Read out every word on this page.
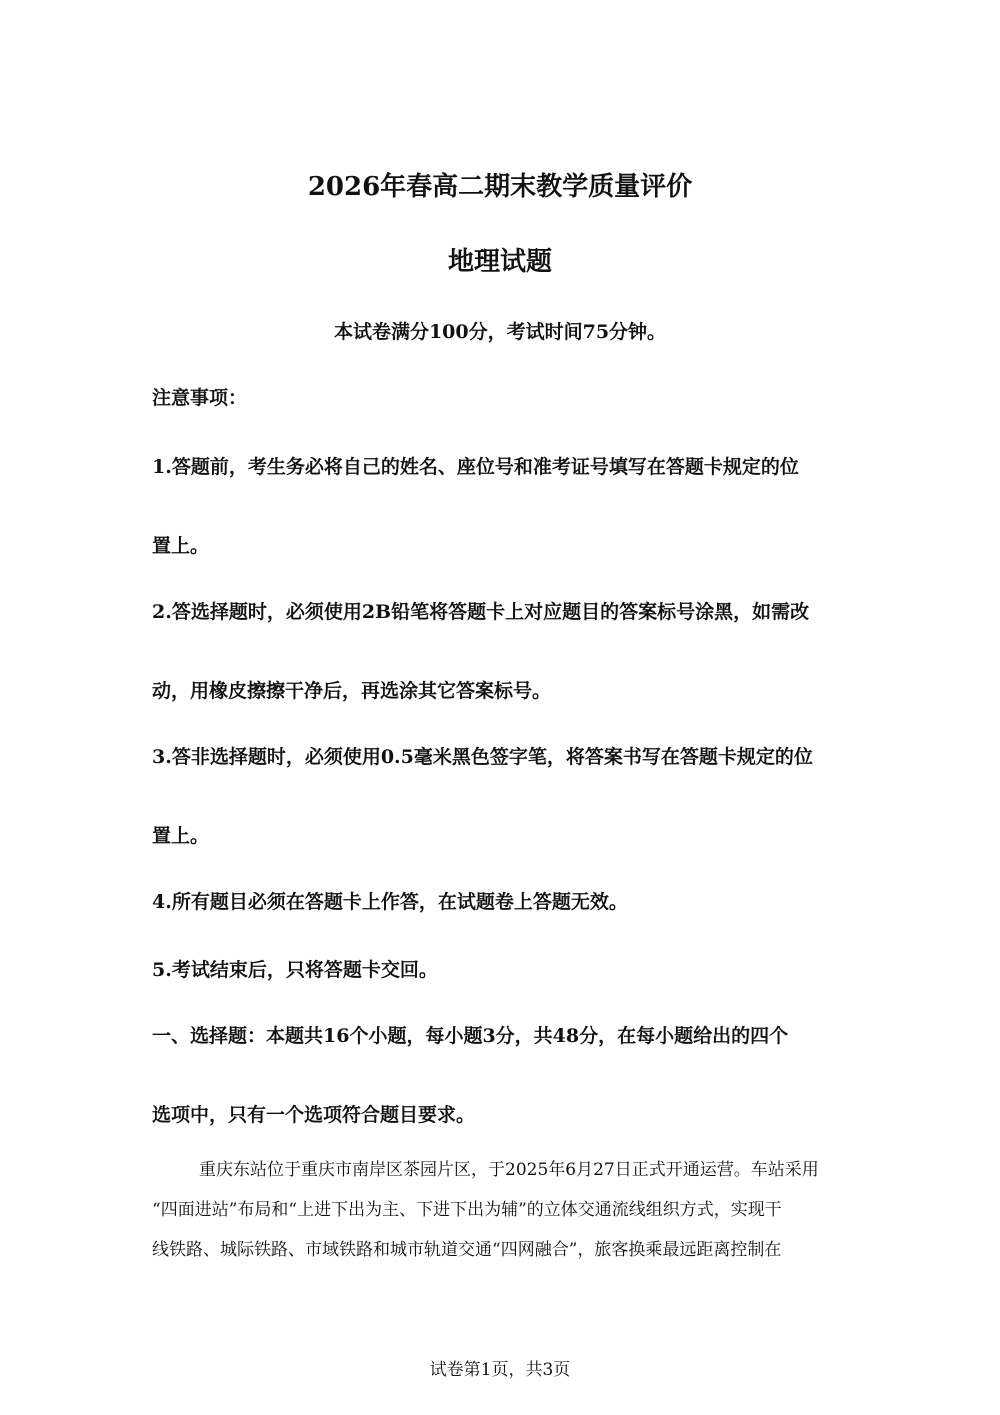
2026年春高二期末教学质量评价
地理试题
本试卷满分100分，考试时间75分钟。
注意事项：
1.答题前，考生务必将自己的姓名、座位号和准考证号填写在答题卡规定的位
置上。
2.答选择题时，必须使用2B铅笔将答题卡上对应题目的答案标号涂黑，如需改
动，用橡皮擦擦干净后，再选涂其它答案标号。
3.答非选择题时，必须使用0.5毫米黑色签字笔，将答案书写在答题卡规定的位
置上。
4.所有题目必须在答题卡上作答，在试题卷上答题无效。
5.考试结束后，只将答题卡交回。
一、选择题：本题共16个小题，每小题3分，共48分，在每小题给出的四个
选项中，只有一个选项符合题目要求。
重庆东站位于重庆市南岸区茶园片区，于2025年6月27日正式开通运营。车站采用
“四面进站”布局和“上进下出为主、下进下出为辅”的立体交通流线组织方式，实现干
线铁路、城际铁路、市域铁路和城市轨道交通“四网融合”，旅客换乘最远距离控制在
试卷第1页，共3页
